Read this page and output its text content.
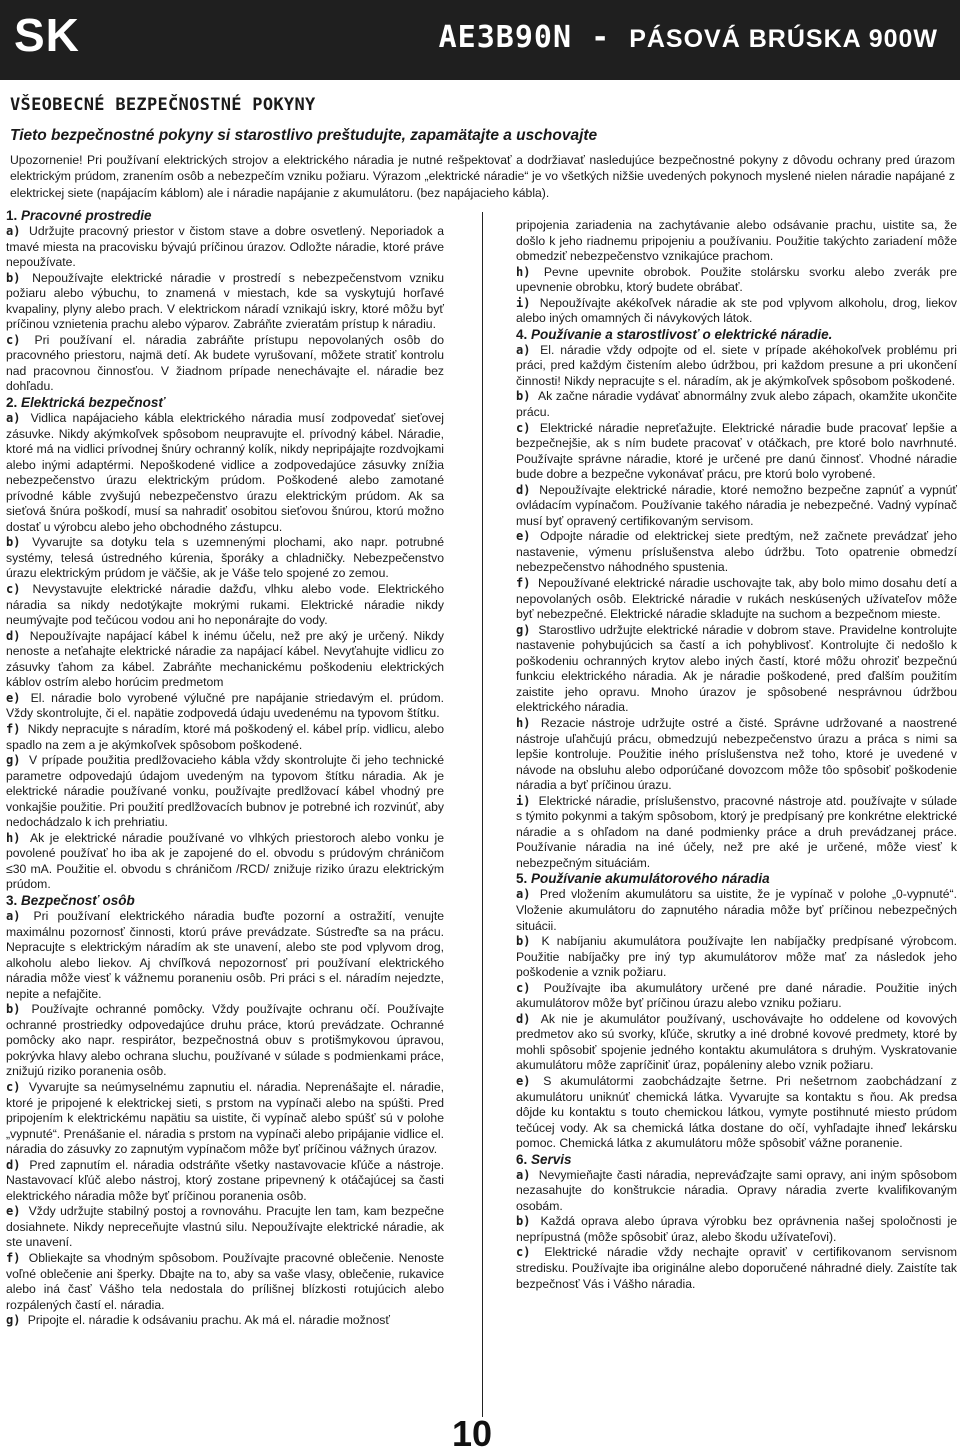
SK	AE3B90N - PÁSOVÁ BRÚSKA 900W
VŠEOBECNÉ BEZPEČNOSTNÉ POKYNY
Tieto bezpečnostné pokyny si starostlivo preštudujte, zapamätajte a uschovajte
Upozornenie! Pri používaní elektrických strojov a elektrického náradia je nutné rešpektovať a dodržiavať nasledujúce bezpečnostné pokyny z dôvodu ochrany pred úrazom elektrickým prúdom, zranením osôb a nebezpečím vzniku požiaru. Výrazom „elektrické náradie“ je vo všetkých nižšie uvedených pokynoch myslené nielen náradie napájané z elektrickej siete (napájacím káblom) ale i náradie napájanie z akumulátoru. (bez napájacieho kábla).

1. Pracovné prostredie

a) Udržujte pracovný priestor v čistom stave a dobre osvetlený. Neporiadok a tmavé miesta na pracovisku bývajú príčinou úrazov. Odložte náradie, ktoré práve nepoužívate.

b) Nepoužívajte elektrické náradie v prostredí s nebezpečenstvom vzniku požiaru alebo výbuchu, to znamená v miestach, kde sa vyskytujú horľavé kvapaliny, plyny alebo prach. V elektrickom náradí vznikajú iskry, ktoré môžu byť príčinou vznietenia prachu alebo výparov. Zabráňte zvieratám prístup k náradiu.

c) Pri používaní el. náradia zabráňte prístupu nepovolaných osôb do pracovného priestoru, najmä detí. Ak budete vyrušovaní, môžete stratiť kontrolu nad pracovnou činnosťou. V žiadnom prípade nenechávajte el. náradie bez dohľadu.

2. Elektrická bezpečnosť

a) Vidlica napájacieho kábla elektrického náradia musí zodpovedať sieťovej zásuvke. Nikdy akýmkoľvek spôsobom neupravujte el. prívodný kábel. Náradie, ktoré má na vidlici prívodnej šnúry ochranný kolík, nikdy nepripájajte rozdvojkami alebo inými adaptérmi. Nepoškodené vidlice a zodpovedajúce zásuvky znížia nebezpečenstvo úrazu elektrickým prúdom. Poškodené alebo zamotané prívodné káble zvyšujú nebezpečenstvo úrazu elektrickým prúdom. Ak sa sieťová šnúra poškodí, musí sa nahradiť osobitou sieťovou šnúrou, ktorú možno dostať u výrobcu alebo jeho obchodného zástupcu.

b) Vyvarujte sa dotyku tela s uzemnenými plochami, ako napr. potrubné systémy, telesá ústredného kúrenia, šporáky a chladničky. Nebezpečenstvo úrazu elektrickým prúdom je väčšie, ak je Váše telo spojené zo zemou.

c) Nevystavujte elektrické náradie dažďu, vlhku alebo vode. Elektrického náradia sa nikdy nedotýkajte mokrými rukami. Elektrické náradie nikdy neumývajte pod tečúcou vodou ani ho neponárajte do vody.

d) Nepoužívajte napájací kábel k inému účelu, než pre aký je určený. Nikdy nenoste a neťahajte elektrické náradie za napájací kábel. Nevyťahujte vidlicu zo zásuvky ťahom za kábel. Zabráňte mechanickému poškodeniu elektrických káblov ostrím alebo horúcim predmetom

e) El. náradie bolo vyrobené výlučné pre napájanie striedavým el. prúdom. Vždy skontrolujte, či el. napätie zodpovedá údaju uvedenému na typovom štítku.

f) Nikdy nepracujte s náradím, ktoré má poškodený el. kábel príp. vidlicu, alebo spadlo na zem a je akýmkoľvek spôsobom poškodené.

g) V prípade použitia predlžovacieho kábla vždy skontrolujte či jeho technické parametre odpovedajú údajom uvedeným na typovom štítku náradia. Ak je elektrické náradie používané vonku, používajte predlžovací kábel vhodný pre vonkajšie použitie. Pri použití predlžovacích bubnov je potrebné ich rozvinúť, aby nedochádzalo k ich prehriatiu.

h) Ak je elektrické náradie používané vo vlhkých priestoroch alebo vonku je povolené používať ho iba ak je zapojené do el. obvodu s prúdovým chráničom ≤30 mA. Použitie el. obvodu s chráničom /RCD/ znižuje riziko úrazu elektrickým prúdom.

3. Bezpečnosť osôb

a) Pri používaní elektrického náradia buďte pozorní a ostražití, venujte maximálnu pozornosť činnosti, ktorú práve prevádzate. Sústreďte sa na prácu. Nepracujte s elektrickým náradím ak ste unavení, alebo ste pod vplyvom drog, alkoholu alebo liekov. Aj chvíľková nepozornosť pri používaní elektrického náradia môže viesť k vážnemu poraneniu osôb. Pri práci s el. náradím nejedzte, nepite a nefajčite.

b) Používajte ochranné pomôcky. Vždy používajte ochranu očí. Používajte ochranné prostriedky odpovedajúce druhu práce, ktorú prevádzate. Ochranné pomôcky ako napr. respirátor, bezpečnostná obuv s protišmykovou úpravou, pokrývka hlavy alebo ochrana sluchu, používané v súlade s podmienkami práce, znižujú riziko poranenia osôb.

c) Vyvarujte sa neúmyselnému zapnutiu el. náradia. Neprenášajte el. náradie, ktoré je pripojené k elektrickej sieti, s prstom na vypínači alebo na spúšti. Pred pripojením k elektrickému napätiu sa uistite, či vypínač alebo spúšť sú v polohe „vypnuté“. Prenášanie el. náradia s prstom na vypínači alebo pripájanie vidlice el. náradia do zásuvky zo zapnutým vypínačom môže byť príčinou vážnych úrazov.

d) Pred zapnutím el. náradia odstráňte všetky nastavovacie kľúče a nástroje. Nastavovací kľúč alebo nástroj, ktorý zostane pripevnený k otáčajúcej sa časti elektrického náradia môže byť príčinou poranenia osôb.

e) Vždy udržujte stabilný postoj a rovnováhu. Pracujte len tam, kam bezpečne dosiahnete. Nikdy nepreceňujte vlastnú silu. Nepoužívajte elektrické náradie, ak ste unavení.

f) Obliekajte sa vhodným spôsobom. Používajte pracovné oblečenie. Nenoste voľné oblečenie ani šperky. Dbajte na to, aby sa vaše vlasy, oblečenie, rukavice alebo iná časť Vášho tela nedostala do prílišnej blízkosti rotujúcich alebo rozpálených častí el. náradia.

g) Pripojte el. náradie k odsávaniu prachu. Ak má el. náradie možnosť

pripojenia zariadenia na zachytávanie alebo odsávanie prachu, uistite sa, že došlo k jeho riadnemu pripojeniu a používaniu. Použitie takýchto zariadení môže obmedziť nebezpečenstvo vznikajúce prachom.

h) Pevne upevnite obrobok. Použite stolársku svorku alebo zverák pre upevnenie obrobku, ktorý budete obrábať.

i) Nepoužívajte akékoľvek náradie ak ste pod vplyvom alkoholu, drog, liekov alebo iných omamných či návykových látok.

4. Používanie a starostlivosť o elektrické náradie.

a) El. náradie vždy odpojte od el. siete v prípade akéhokoľvek problému pri práci, pred každým čistením alebo údržbou, pri každom presune a pri ukončení činnosti! Nikdy nepracujte s el. náradím, ak je akýmkoľvek spôsobom poškodené.

b) Ak začne náradie vydávať abnormálny zvuk alebo zápach, okamžite ukončite prácu.

c) Elektrické náradie nepreťažujte. Elektrické náradie bude pracovať lepšie a bezpečnejšie, ak s ním budete pracovať v otáčkach, pre ktoré bolo navrhnuté. Používajte správne náradie, ktoré je určené pre danú činnosť. Vhodné náradie bude dobre a bezpečne vykonávať prácu, pre ktorú bolo vyrobené.

d) Nepoužívajte elektrické náradie, ktoré nemožno bezpečne zapnúť a vypnúť ovládacím vypínačom. Používanie takého náradia je nebezpečné. Vadný vypínač musí byť opravený certifikovaným servisom.

e) Odpojte náradie od elektrickej siete predtým, než začnete prevádzať jeho nastavenie, výmenu príslušenstva alebo údržbu. Toto opatrenie obmedzí nebezpečenstvo náhodného spustenia.

f) Nepoužívané elektrické náradie uschovajte tak, aby bolo mimo dosahu detí a nepovolaných osôb. Elektrické náradie v rukách neskúsených užívateľov môže byť nebezpečné. Elektrické náradie skladujte na suchom a bezpečnom mieste.

g) Starostlivo udržujte elektrické náradie v dobrom stave. Pravidelne kontrolujte nastavenie pohybujúcich sa častí a ich pohyblivosť. Kontrolujte či nedošlo k poškodeniu ochranných krytov alebo iných častí, ktoré môžu ohroziť bezpečnú funkciu elektrického náradia. Ak je náradie poškodené, pred ďalším použitím zaistite jeho opravu. Mnoho úrazov je spôsobené nesprávnou údržbou elektrického náradia.

h) Rezacie nástroje udržujte ostré a čisté. Správne udržované a naostrené nástroje uľahčujú prácu, obmedzujú nebezpečenstvo úrazu a práca s nimi sa lepšie kontroluje. Použitie iného príslušenstva než toho, ktoré je uvedené v návode na obsluhu alebo odporúčané dovozcom môže tôo spôsobiť poškodenie náradia a byť príčinou úrazu.

i) Elektrické náradie, príslušenstvo, pracovné nástroje atd. používajte v súlade s týmito pokynmi a takým spôsobom, ktorý je predpísaný pre konkrétne elektrické náradie a s ohľadom na dané podmienky práce a druh prevádzanej práce. Používanie náradia na iné účely, než pre aké je určené, môže viesť k nebezpečným situáciám.

5. Používanie akumulátorového náradia

a) Pred vložením akumulátoru sa uistite, že je vypínač v polohe „0-vypnuté“. Vloženie akumulátoru do zapnutého náradia môže byť príčinou nebezpečných situácii.

b) K nabíjaniu akumulátora používajte len nabíjačky predpísané výrobcom. Použitie nabíjačky pre iný typ akumulátorov môže mať za následok jeho poškodenie a vznik požiaru.

c) Používajte iba akumulátory určené pre dané náradie. Použitie iných akumulátorov môže byť príčinou úrazu alebo vzniku požiaru.

d) Ak nie je akumulátor používaný, uschovávajte ho oddelene od kovových predmetov ako sú svorky, kľúče, skrutky a iné drobné kovové predmety, ktoré by mohli spôsobiť spojenie jedného kontaktu akumulátora s druhým. Vyskratovanie akumulátoru môže zapríčiniť úraz, popáleniny alebo vznik požiaru.

e) S akumulátormi zaobchádzajte šetrne. Pri nešetrnom zaobchádzaní z akumulátoru uniknúť chemická látka. Vyvarujte sa kontaktu s ňou. Ak predsa dôjde ku kontaktu s touto chemickou látkou, vymyte postihnuté miesto prúdom tečúcej vody. Ak sa chemická látka dostane do očí, vyhľadajte ihneď lekársku pomoc. Chemická látka z akumulátoru môže spôsobiť vážne poranenie.

6. Servis

a) Nevymieňajte časti náradia, nepreváďzajte sami opravy, ani iným spôsobom nezasahujte do konštrukcie náradia. Opravy náradia zverte kvalifikovaným osobám.

b) Každá oprava alebo úprava výrobku bez oprávnenia našej spoločnosti je neprípustná (môže spôsobiť úraz, alebo škodu užívateľovi).

c) Elektrické náradie vždy nechajte opraviť v certifikovanom servisnom stredisku. Používajte iba originálne alebo doporučené náhradné diely. Zaistíte tak bezpečnosť Vás i Vášho náradia.

10
